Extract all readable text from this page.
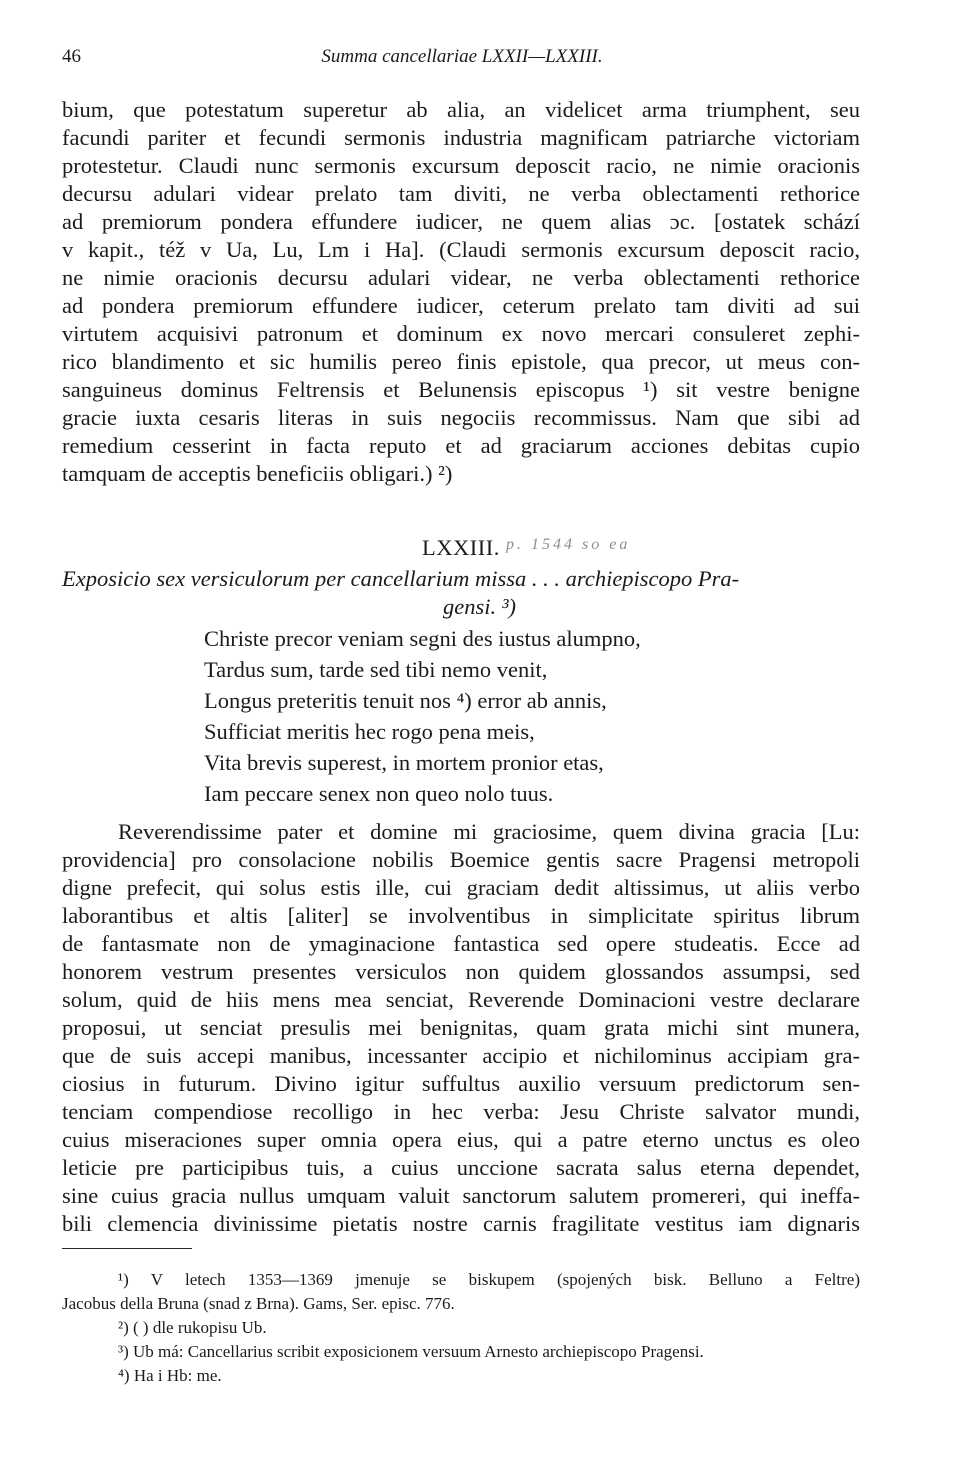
46	Summa cancellariae LXXII—LXXIII.
bium, que potestatum superetur ab alia, an videlicet arma triumphent, seu
facundi pariter et fecundi sermonis industria magnificam patriarche victoriam
protestetur. Claudi nunc sermonis excursum deposcit racio, ne nimie oracionis
decursu adulari videar prelato tam diviti, ne verba oblectamenti rethorice
ad premiorum pondera effundere iudicer, ne quem alias ɔc. [ostatek schází
v kapit., též v Ua, Lu, Lm i Ha]. (Claudi sermonis excursum deposcit racio,
ne nimie oracionis decursu adulari videar, ne verba oblectamenti rethorice
ad pondera premiorum effundere iudicer, ceterum prelato tam diviti ad sui
virtutem acquisivi patronum et dominum ex novo mercari consuleret zephi-
rico blandimento et sic humilis pereo finis epistole, qua precor, ut meus con-
sanguineus dominus Feltrensis et Belunensis episcopus ¹) sit vestre benigne
gracie iuxta cesaris literas in suis negociis recommissus. Nam que sibi ad
remedium cesserint in facta reputo et ad graciarum acciones debitas cupio
tamquam de acceptis beneficiis obligari.) ²)
LXXIII. p. 1544 so ea
Exposicio sex versiculorum per cancellarium missa . . . archiepiscopo Pra-
gensi. ³)
Christe precor veniam segni des iustus alumpno,
Tardus sum, tarde sed tibi nemo venit,
Longus preteritis tenuit nos ⁴) error ab annis,
Sufficiat meritis hec rogo pena meis,
Vita brevis superest, in mortem pronior etas,
Iam peccare senex non queo nolo tuus.
Reverendissime pater et domine mi graciosime, quem divina gracia [Lu:
providencia] pro consolacione nobilis Boemice gentis sacre Pragensi metropoli
digne prefecit, qui solus estis ille, cui graciam dedit altissimus, ut aliis verbo
laborantibus et altis [aliter] se involventibus in simplicitate spiritus librum
de fantasmate non de ymaginacione fantastica sed opere studeatis. Ecce ad
honorem vestrum presentes versiculos non quidem glossandos assumpsi, sed
solum, quid de hiis mens mea senciat, Reverende Dominacioni vestre declarare
proposui, ut senciat presulis mei benignitas, quam grata michi sint munera,
que de suis accepi manibus, incessanter accipio et nichilominus accipiam gra-
ciosius in futurum. Divino igitur suffultus auxilio versuum predictorum sen-
tenciam compendiose recolligo in hec verba: Jesu Christe salvator mundi,
cuius miseraciones super omnia opera eius, qui a patre eterno unctus es oleo
leticie pre participibus tuis, a cuius unccione sacrata salus eterna dependet,
sine cuius gracia nullus umquam valuit sanctorum salutem promereri, qui ineffa-
bili clemencia divinissime pietatis nostre carnis fragilitate vestitus iam dignaris
¹) V letech 1353—1369 jmenuje se biskupem (spojených bisk. Belluno a Feltre)
Jacobus della Bruna (snad z Brna). Gams, Ser. episc. 776.
²) ( ) dle rukopisu Ub.
³) Ub má: Cancellarius scribit exposicionem versuum Arnesto archiepiscopo Pragensi.
⁴) Ha i Hb: me.
